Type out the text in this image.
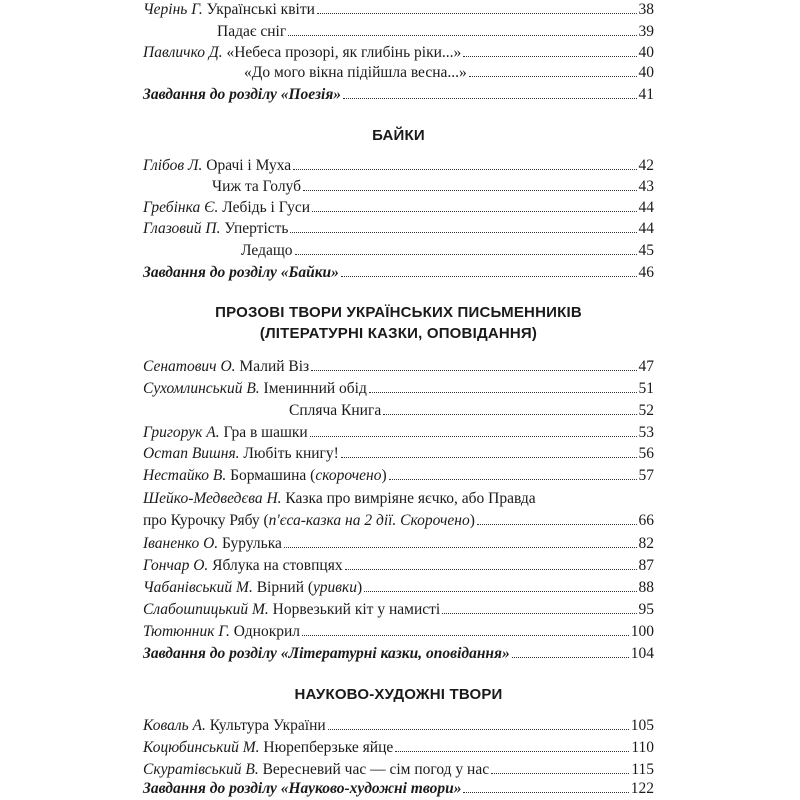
Черінь Г. Українські квіти	38
Падає сніг	39
Павличко Д. «Небеса прозорі, як глибінь ріки...»	40
«До мого вікна підійшла весна...»	40
Завдання до розділу «Поезія»	41
БАЙКИ
Глібов Л. Орачі і Муха	42
Чиж та Голуб	43
Гребінка Є. Лебідь і Гуси	44
Глазовий П. Упертість	44
Ледащо	45
Завдання до розділу «Байки»	46
ПРОЗОВІ ТВОРИ УКРАЇНСЬКИХ ПИСЬМЕННИКІВ
(ЛІТЕРАТУРНІ КАЗКИ, ОПОВІДАННЯ)
Сенатович О. Малий Віз	47
Сухомлинський В. Іменинний обід	51
Спляча Книга	52
Григорук А. Гра в шашки	53
Остап Вишня. Любіть книгу!	56
Нестайко В. Бормашина (скорочено)	57
Шейко-Медведєва Н. Казка про вимріяне яєчко, або Правда
про Курочку Рябу (п'єса-казка на 2 дії. Скорочено)	66
Іваненко О. Бурулька	82
Гончар О. Яблука на стовпцях	87
Чабанівський М. Вірний (уривки)	88
Слабошпицький М. Норвезький кіт у намисті	95
Тютюнник Г. Однокрил	100
Завдання до розділу «Літературні казки, оповідання»	104
НАУКОВО-ХУДОЖНІ ТВОРИ
Коваль А. Культура України	105
Коцюбинський М. Нюрепберзьке яйце	110
Скуратівський В. Вересневий час — сім погод у нас	115
Завдання до розділу «Науково-художні твори»	122
